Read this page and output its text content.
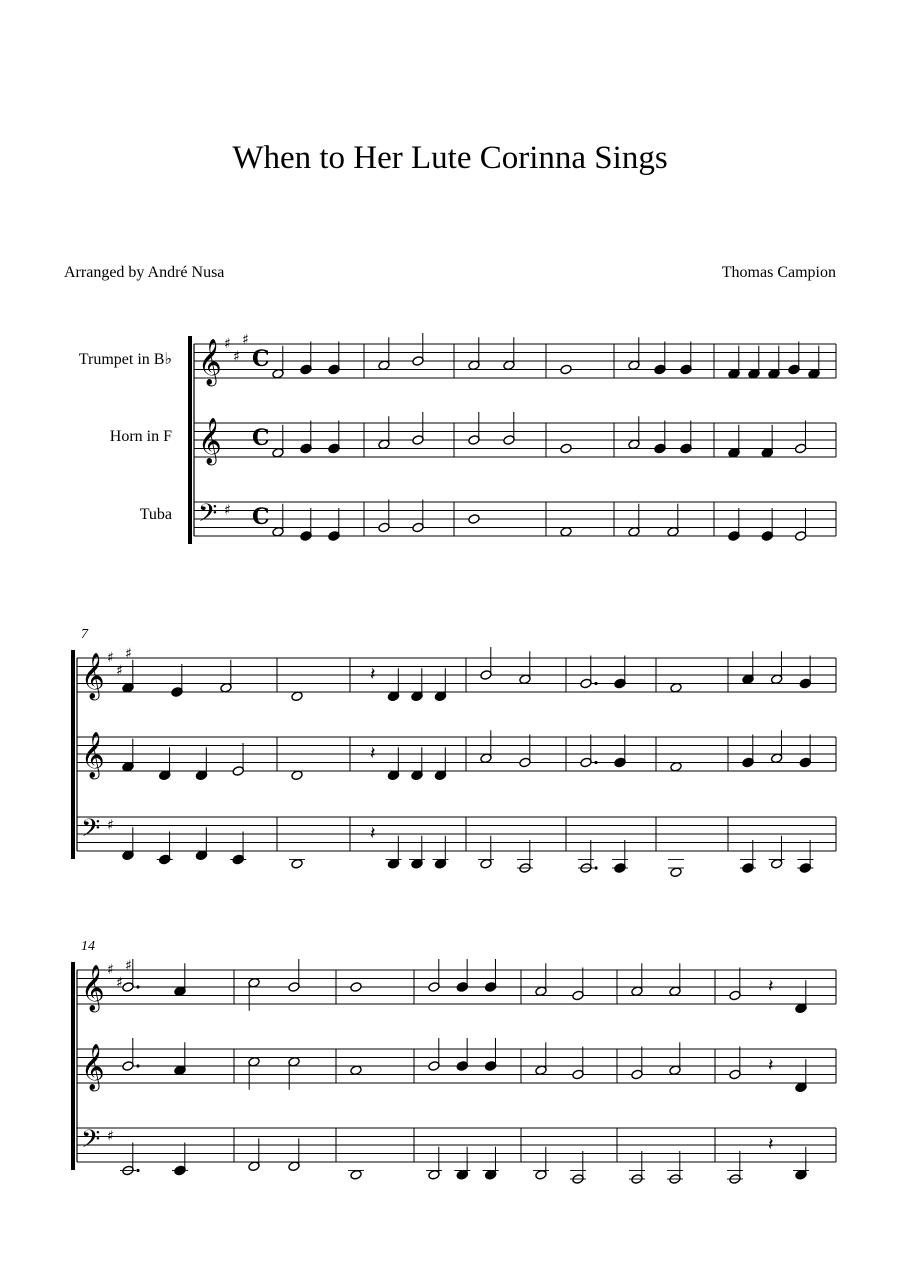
When to Her Lute Corinna Sings
Arranged by André Nusa	Thomas Campion
Trumpet in B♭
Horn in F
Tuba
𝄞 ♯
♯
♯
C
𝄞 C
𝄢 ♯ C
𝄞 ♯
♯
♯
𝄞
𝄢 ♯
7
𝄽
𝄽
𝄽
𝄞 ♯
♯
♯
𝄞
𝄢 ♯
14
𝄽
𝄽
𝄽
